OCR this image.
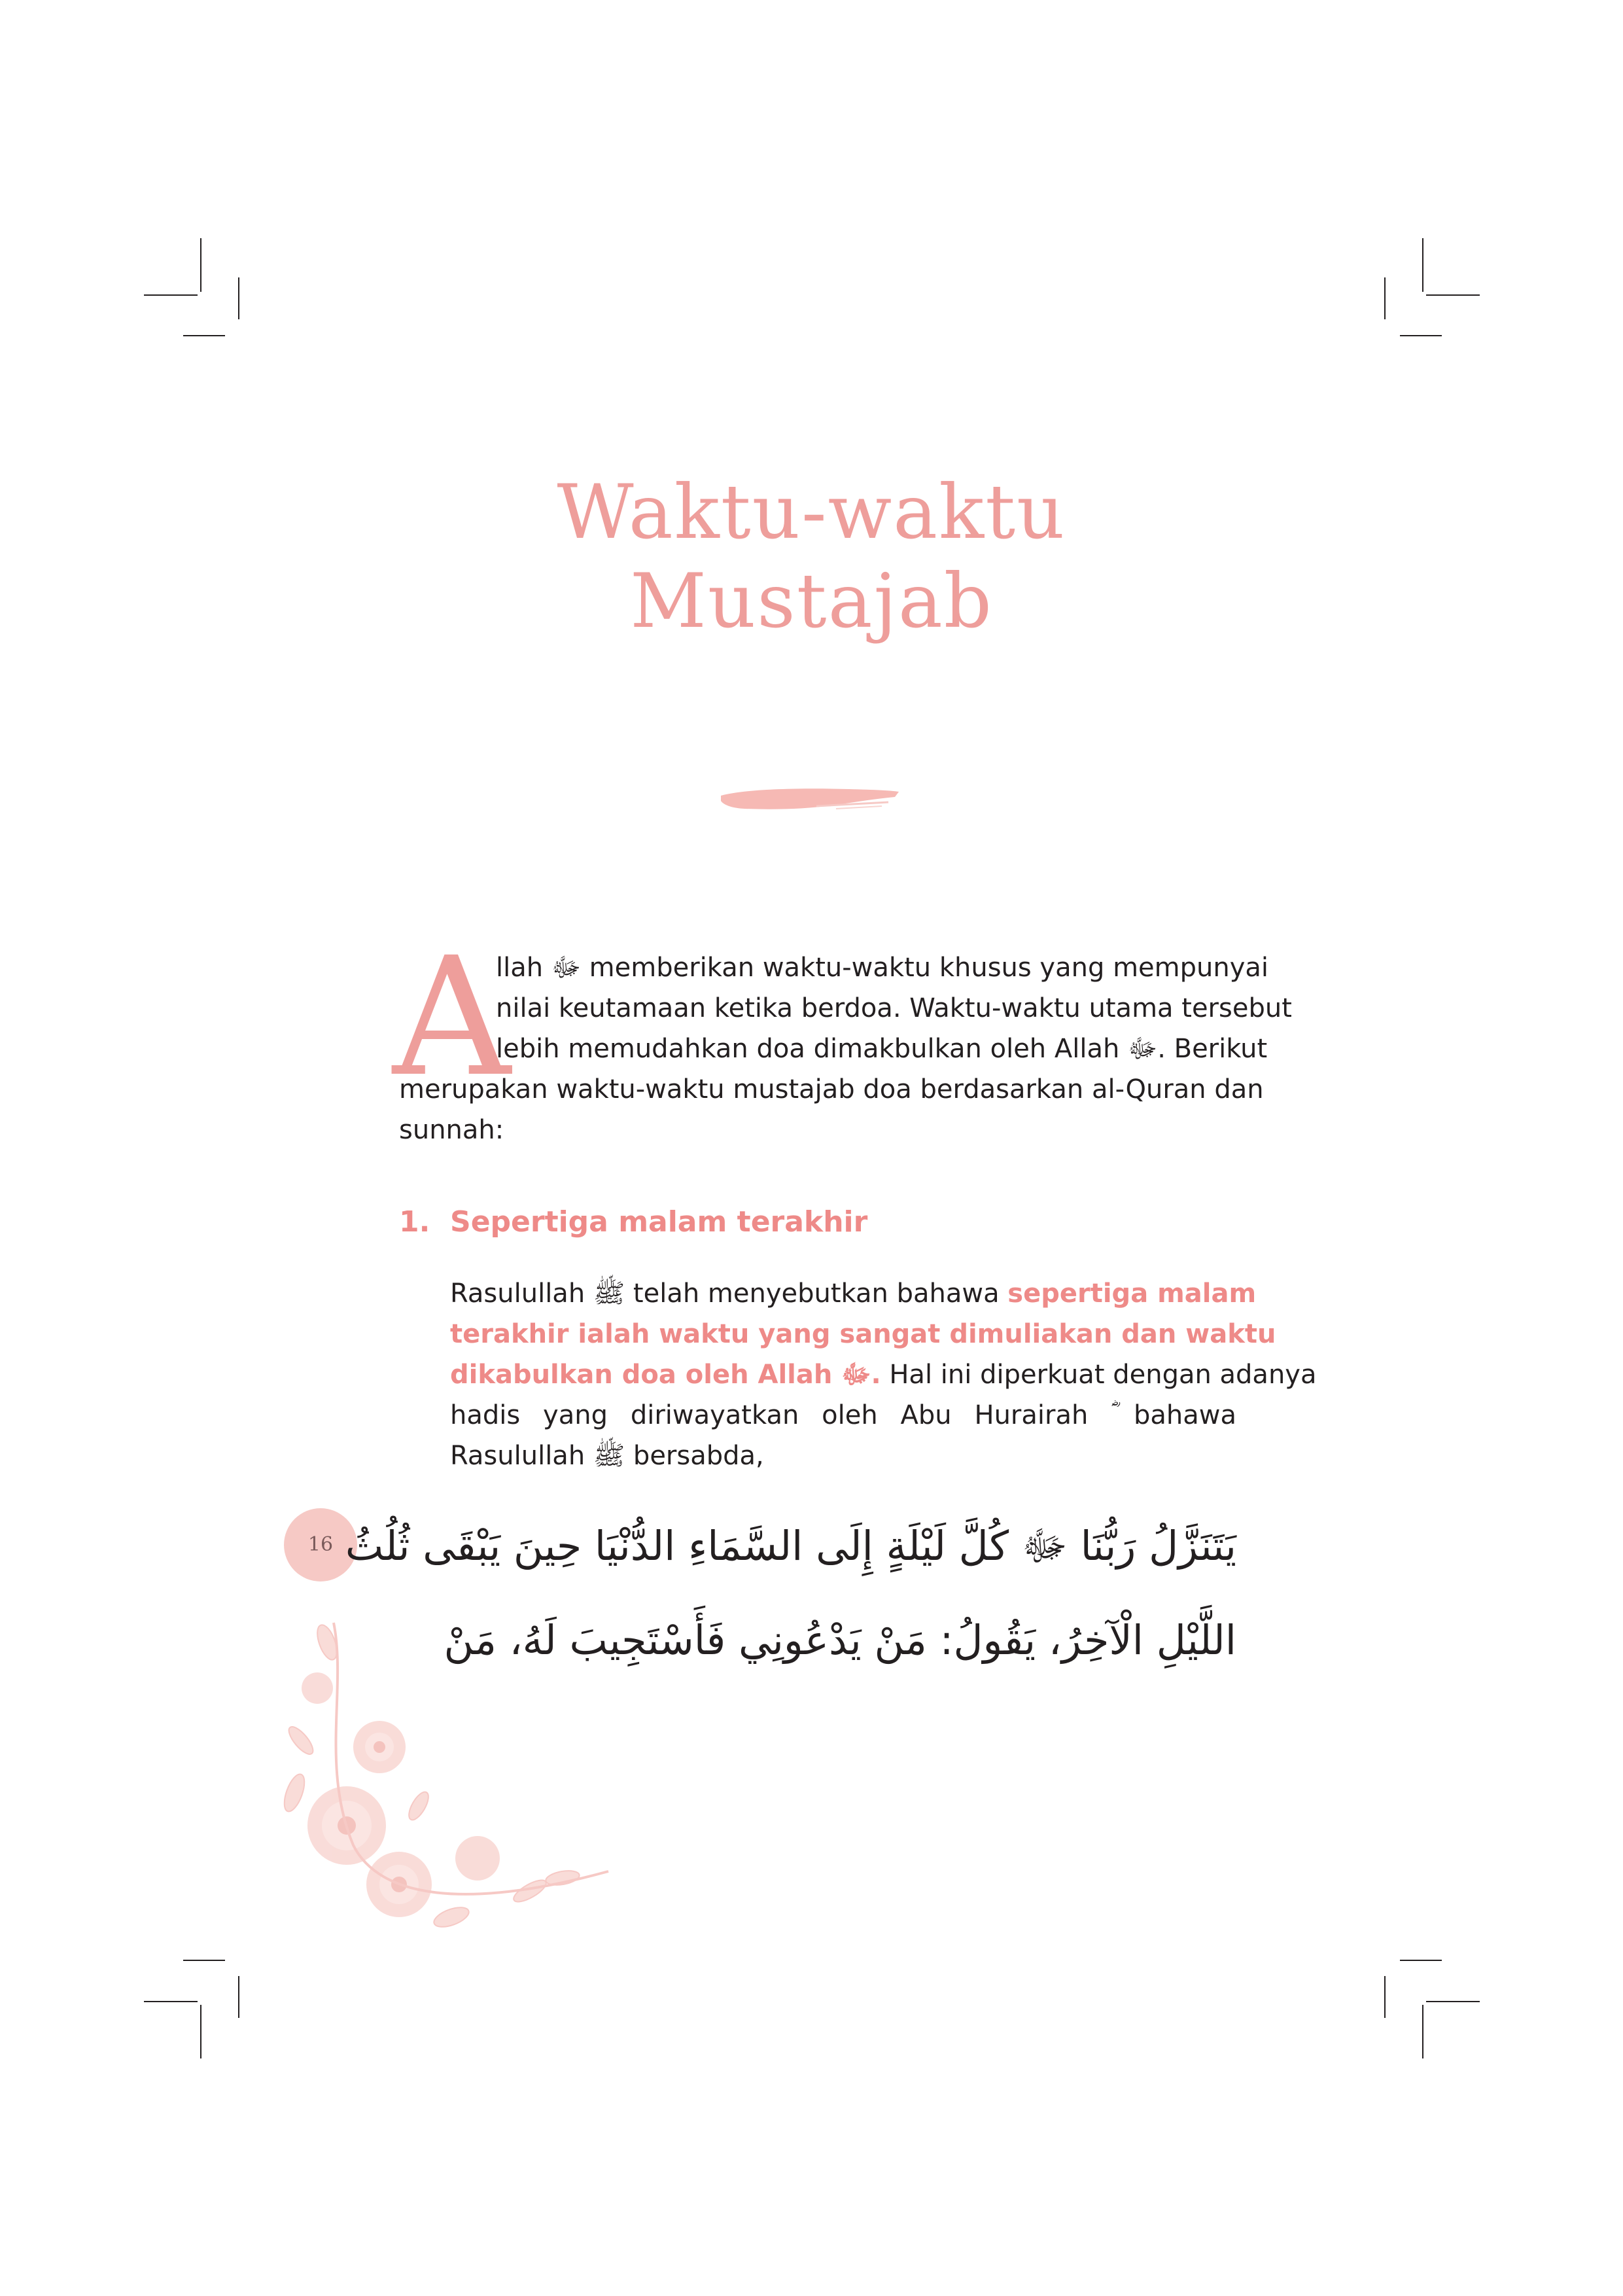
Waktu-waktu
Mustajab
A
llah ﷻ memberikan waktu-waktu khusus yang mempunyai
nilai keutamaan ketika berdoa. Waktu-waktu utama tersebut
lebih memudahkan doa dimakbulkan oleh Allah ﷻ. Berikut
merupakan waktu-waktu mustajab doa berdasarkan al-Quran dan
sunnah:
1. Sepertiga malam terakhir
Rasulullah ﷺ telah menyebutkan bahawa sepertiga malam
terakhir ialah waktu yang sangat dimuliakan dan waktu
dikabulkan doa oleh Allah ﷻ. Hal ini diperkuat dengan adanya
hadis yang diriwayatkan oleh Abu Hurairah ؓ bahawa
Rasulullah ﷺ bersabda,
16 يَتَنَزَّلُ رَبُّنَا ﷻ كُلَّ لَيْلَةٍ إِلَى السَّمَاءِ الدُّنْيَا حِينَ يَبْقَى ثُلُثُ
اللَّيْلِ الْآخِرُ، يَقُولُ: مَنْ يَدْعُونِي فَأَسْتَجِيبَ لَهُ، مَنْ
